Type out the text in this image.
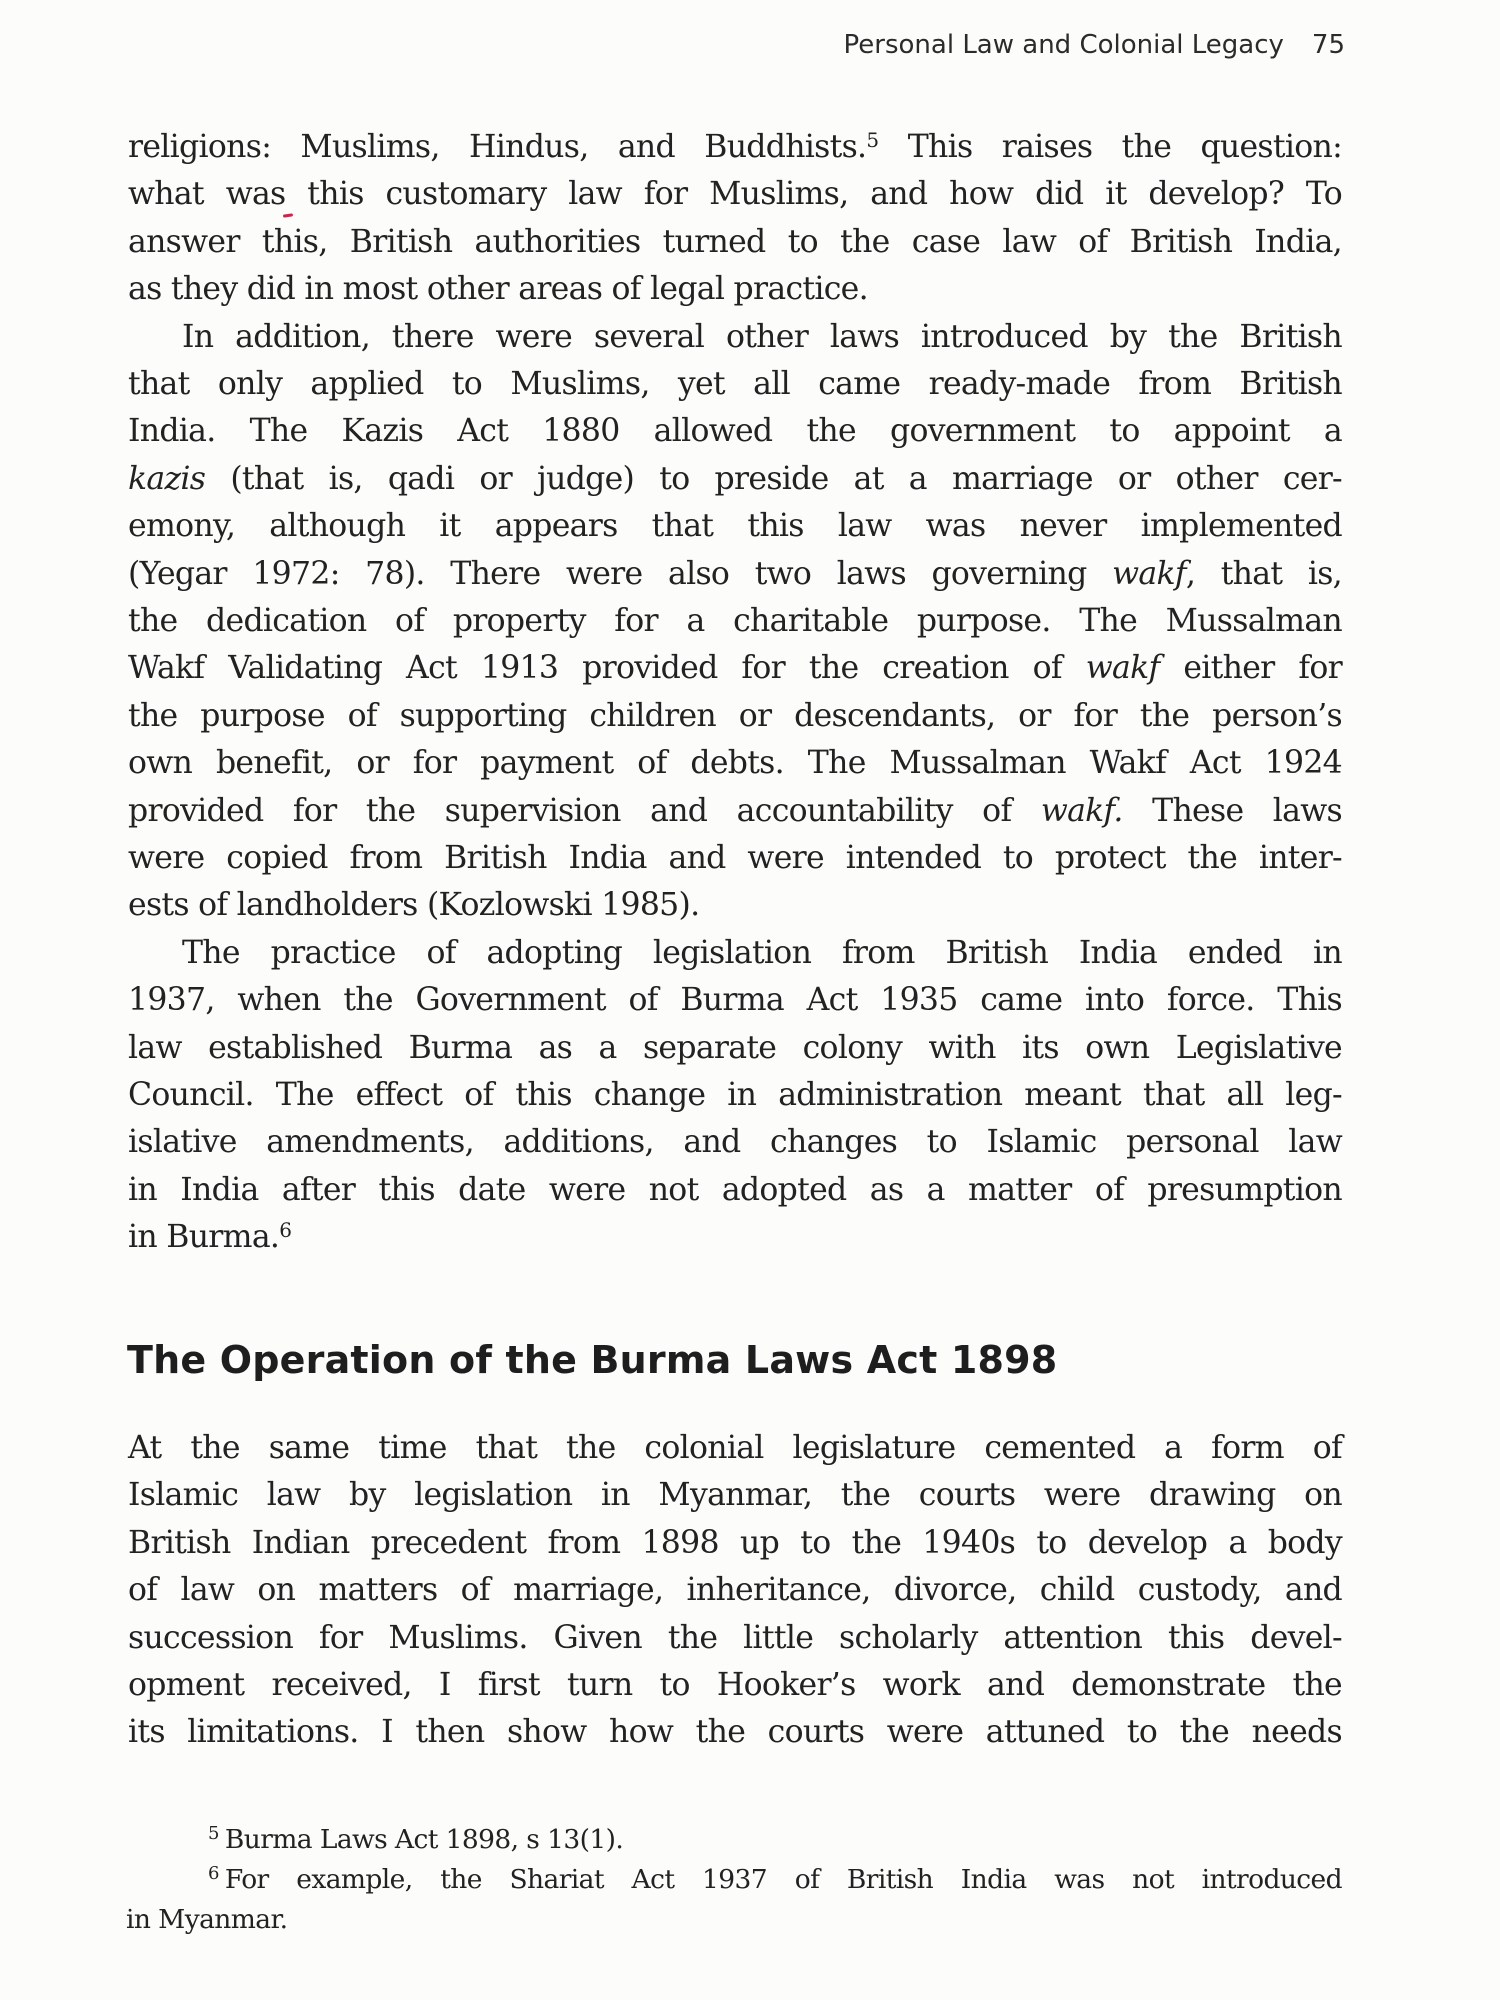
Personal Law and Colonial Legacy 75
religions: Muslims, Hindus, and Buddhists.$^5$ This raises the question:
what was this customary law for Muslims, and how did it develop? To
answer this, British authorities turned to the case law of British India,
as they did in most other areas of legal practice.
In addition, there were several other laws introduced by the British
that only applied to Muslims, yet all came ready-made from British
India. The Kazis Act 1880 allowed the government to appoint a
kazis (that is, qadi or judge) to preside at a marriage or other cer-
emony, although it appears that this law was never implemented
(Yegar 1972: 78). There were also two laws governing wakf, that is,
the dedication of property for a charitable purpose. The Mussalman
Wakf Validating Act 1913 provided for the creation of wakf either for
the purpose of supporting children or descendants, or for the person’s
own benefit, or for payment of debts. The Mussalman Wakf Act 1924
provided for the supervision and accountability of wakf. These laws
were copied from British India and were intended to protect the inter-
ests of landholders (Kozlowski 1985).
The practice of adopting legislation from British India ended in
1937, when the Government of Burma Act 1935 came into force. This
law established Burma as a separate colony with its own Legislative
Council. The effect of this change in administration meant that all leg-
islative amendments, additions, and changes to Islamic personal law
in India after this date were not adopted as a matter of presumption
in Burma.$^6$
The Operation of the Burma Laws Act 1898
At the same time that the colonial legislature cemented a form of
Islamic law by legislation in Myanmar, the courts were drawing on
British Indian precedent from 1898 up to the 1940s to develop a body
of law on matters of marriage, inheritance, divorce, child custody, and
succession for Muslims. Given the little scholarly attention this devel-
opment received, I first turn to Hooker’s work and demonstrate the
its limitations. I then show how the courts were attuned to the needs
$^5$ Burma Laws Act 1898, s 13(1).
$^6$ For example, the Shariat Act 1937 of British India was not introduced
in Myanmar.
